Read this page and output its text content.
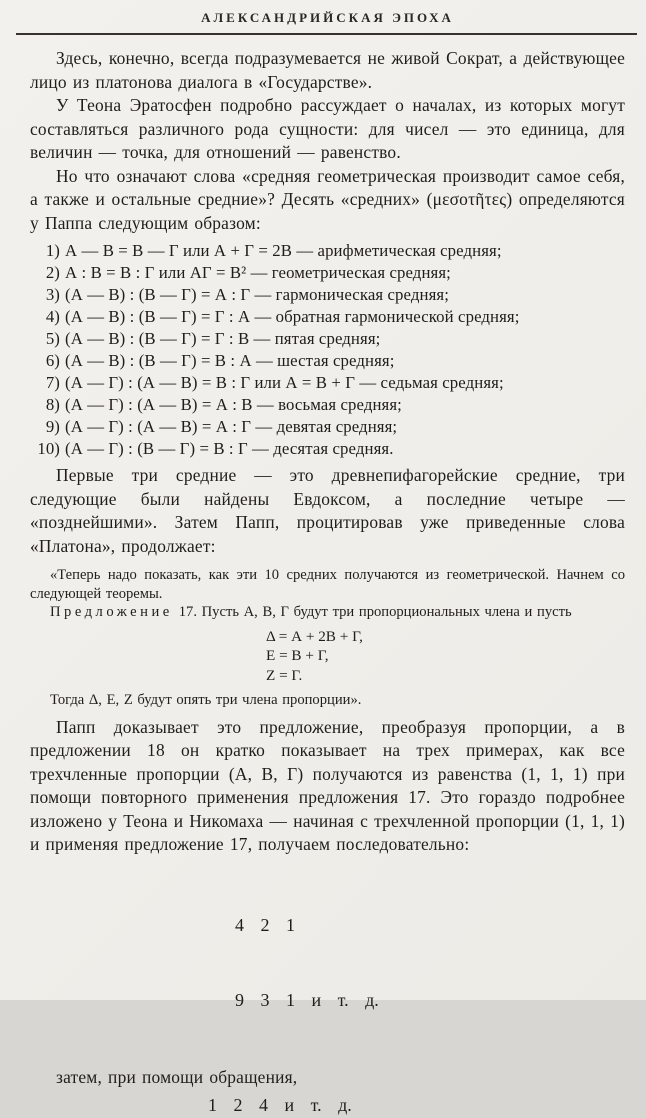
АЛЕКСАНДРИЙСКАЯ ЭПОХА

Здесь, конечно, всегда подразумевается не живой Сократ, а действующее лицо из платонова диалога в «Государстве».

У Теона Эратосфен подробно рассуждает о началах, из которых могут составляться различного рода сущности: для чисел — это единица, для величин — точка, для отношений — равенство.

Но что означают слова «средняя геометрическая производит самое себя, а также и остальные средние»? Десять «средних» (μεσοτῆτες) определяются у Паппа следующим образом:

1) А — В = В — Г или А + Г = 2В — арифметическая средняя;
2) А : В = В : Г или АГ = В² — геометрическая средняя;
3) (А — В) : (В — Г) = А : Г — гармоническая средняя;
4) (А — В) : (В — Г) = Г : А — обратная гармонической средняя;
5) (А — В) : (В — Г) = Г : В — пятая средняя;
6) (А — В) : (В — Г) = В : А — шестая средняя;
7) (А — Г) : (А — В) = В : Г или А = В + Г — седьмая средняя;
8) (А — Г) : (А — В) = А : В — восьмая средняя;
9) (А — Г) : (А — В) = А : Г — девятая средняя;
10) (А — Г) : (В — Г) = В : Г — десятая средняя.

Первые три средние — это древнепифагорейские средние, три следующие были найдены Евдоксом, а последние четыре — «позднейшими». Затем Папп, процитировав уже приведенные слова «Платона», продолжает:

«Теперь надо показать, как эти 10 средних получаются из геометрической. Начнем со следующей теоремы.

Предложение 17. Пусть А, В, Г будут три пропорциональных члена и пусть

Δ = А + 2В + Г,
Е = В + Г,
Z = Г.

Тогда Δ, Е, Z будут опять три члена пропорции».

Папп доказывает это предложение, преобразуя пропорции, а в предложении 18 он кратко показывает на трех примерах, как все трехчленные пропорции (А, В, Г) получаются из равенства (1, 1, 1) при помощи повторного применения предложения 17. Это гораздо подробнее изложено у Теона и Никомаха — начиная с трехчленной пропорции (1, 1, 1) и применяя предложение 17, получаем последовательно:

4 2 1

9 3 1 и т. д.

затем, при помощи обращения,

1 2 4 и т. д.
